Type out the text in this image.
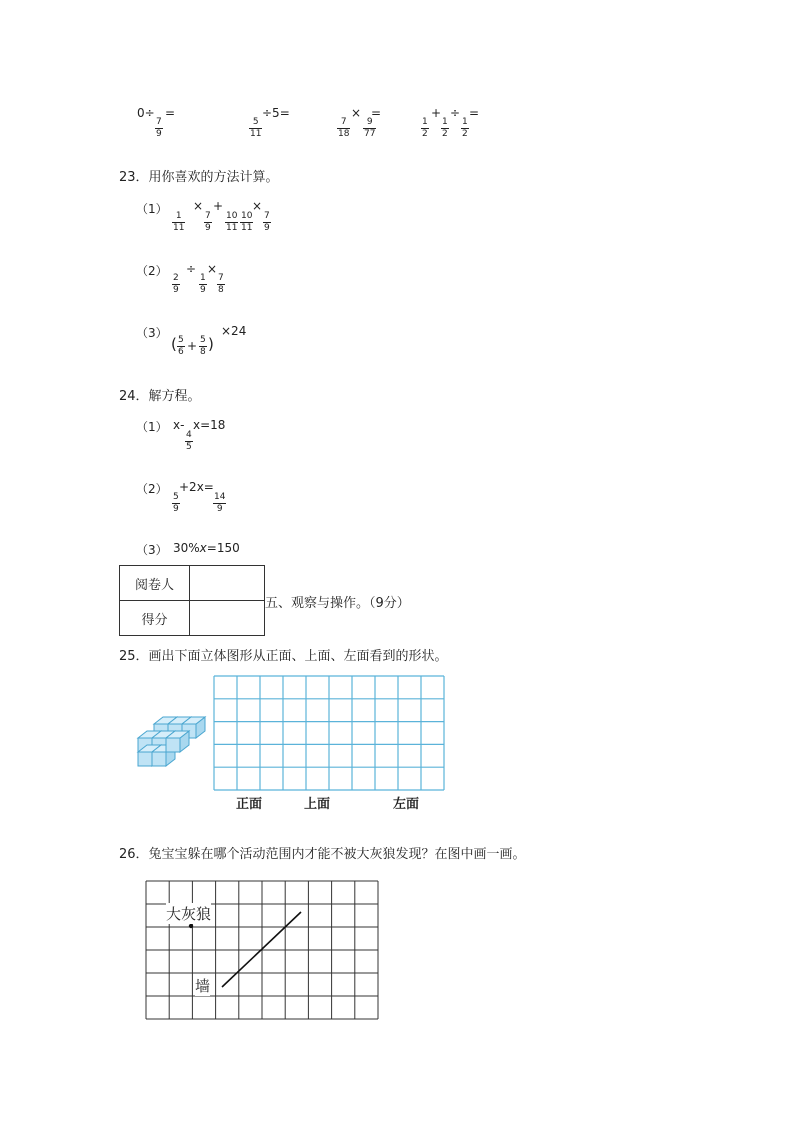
0÷ =
7
9
5
11
÷5=
7
18
×
9
77
=
1
2
+
1
2
÷
1
2
=
23．用你喜欢的方法计算。
（1） 1
11
×
7
9
+
10
11
10
11
×
7
9
（2） 2
9
÷
1
9
×
7
8
（3）
( 5
6 + 5
8 )
×24
24．解方程。
（1） x-
4
5
x=18
（2）
5
9
+2x=
14
9
（3） 30%x=150
阅卷人	
得分	
五、观察与操作。（9分）
25．画出下面立体图形从正面、上面、左面看到的形状。
正面	上面	左面
26．兔宝宝躲在哪个活动范围内才能不被大灰狼发现？在图中画一画。
大灰狼
墙
